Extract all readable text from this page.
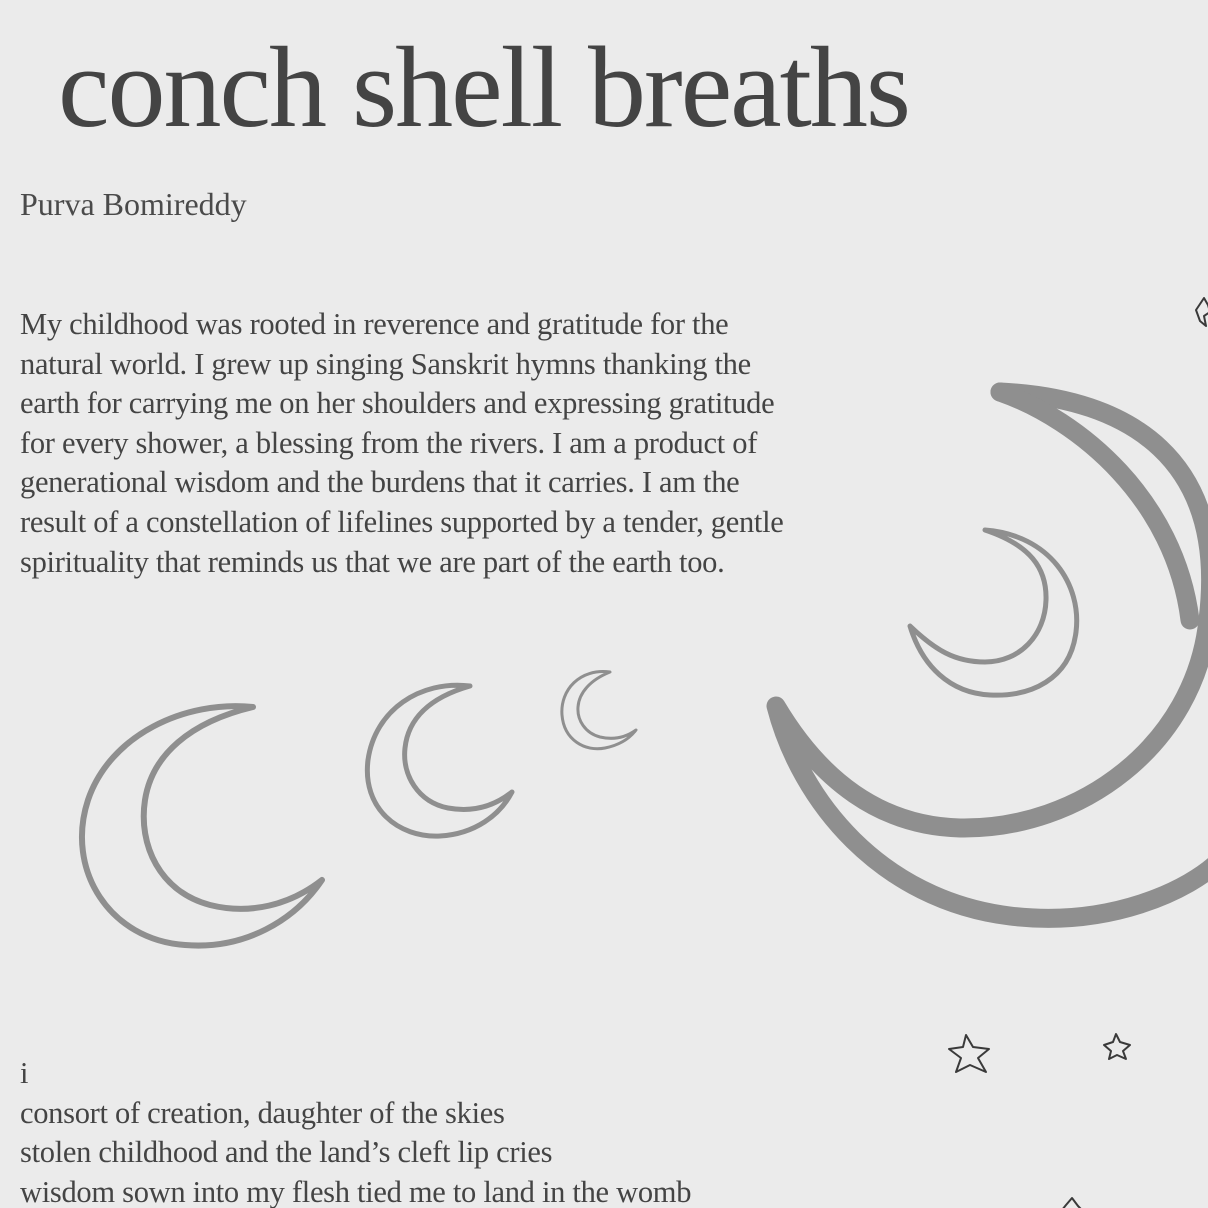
conch shell breaths
Purva Bomireddy

My childhood was rooted in reverence and gratitude for the
natural world. I grew up singing Sanskrit hymns thanking the
earth for carrying me on her shoulders and expressing gratitude
for every shower, a blessing from the rivers. I am a product of
generational wisdom and the burdens that it carries. I am the
result of a constellation of lifelines supported by a tender, gentle
spirituality that reminds us that we are part of the earth too.

i
consort of creation, daughter of the skies
stolen childhood and the land’s cleft lip cries
wisdom sown into my flesh tied me to land in the womb
